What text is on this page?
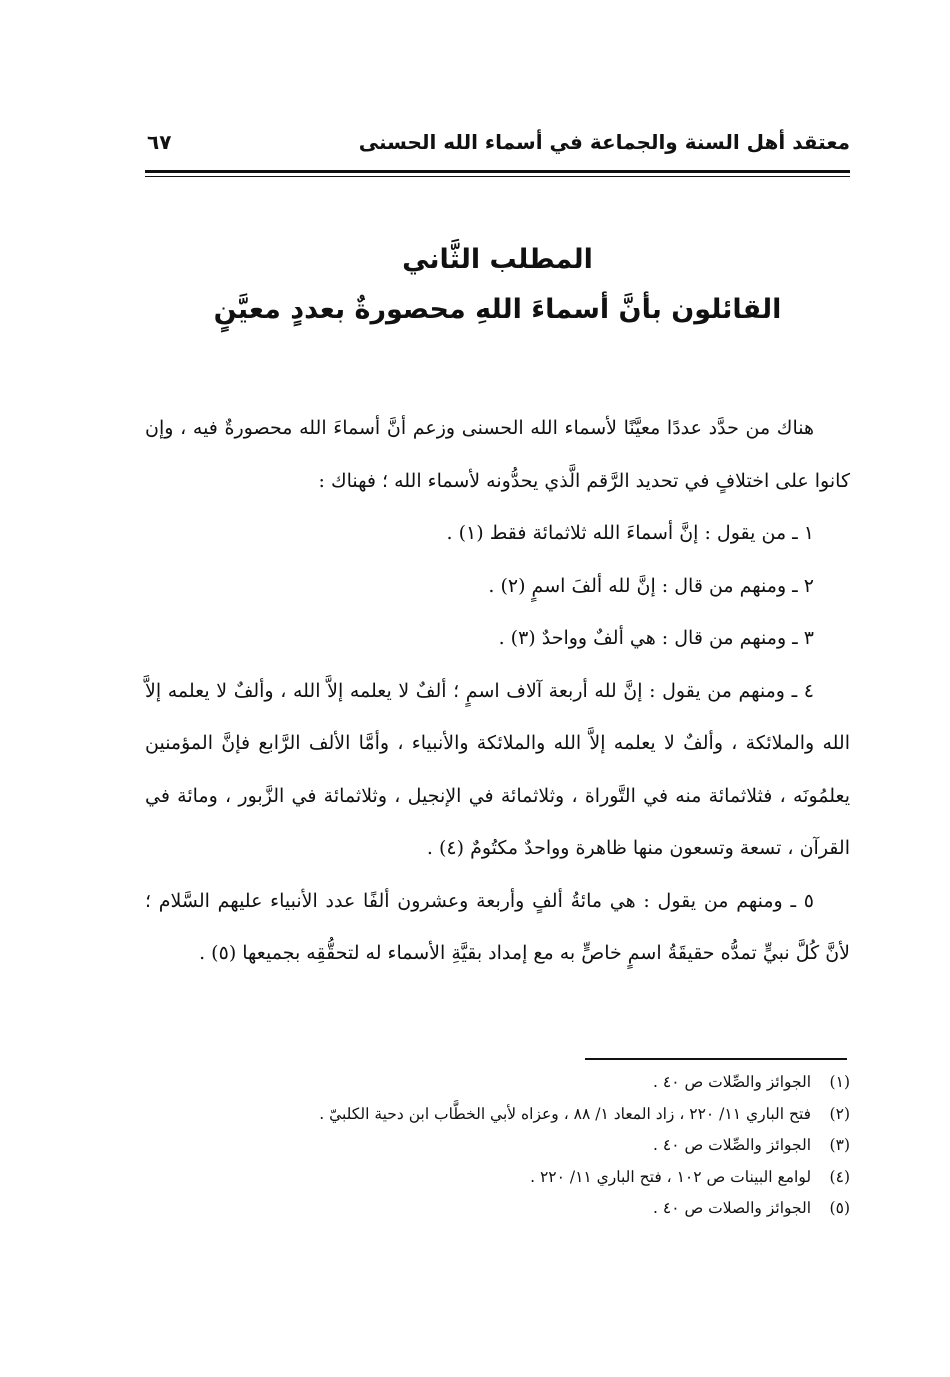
معتقد أهل السنة والجماعة في أسماء الله الحسنى
٦٧
المطلب الثَّاني
القائلون بأنَّ أسماءَ اللهِ محصورةٌ بعددٍ معيَّنٍ

هناك من حدَّد عددًا معيَّنًا لأسماء الله الحسنى وزعم أنَّ أسماءَ الله محصورةٌ فيه ، وإن كانوا على اختلافٍ في تحديد الرَّقم الَّذي يحدُّونه لأسماء الله ؛ فهناك :

١ ـ من يقول : إنَّ أسماءَ الله ثلاثمائة فقط (١) .

٢ ـ ومنهم من قال : إنَّ لله ألفَ اسمٍ (٢) .

٣ ـ ومنهم من قال : هي ألفٌ وواحدٌ (٣) .

٤ ـ ومنهم من يقول : إنَّ لله أربعة آلاف اسمٍ ؛ ألفٌ لا يعلمه إلاَّ الله ، وألفٌ لا يعلمه إلاَّ الله والملائكة ، وألفٌ لا يعلمه إلاَّ الله والملائكة والأنبياء ، وأمَّا الألف الرَّابع فإنَّ المؤمنين يعلمُونَه ، فثلاثمائة منه في التَّوراة ، وثلاثمائة في الإنجيل ، وثلاثمائة في الزَّبور ، ومائة في القرآن ، تسعة وتسعون منها ظاهرة وواحدٌ مكتُومٌ (٤) .

٥ ـ ومنهم من يقول : هي مائةُ ألفٍ وأربعة وعشرون ألفًا عدد الأنبياء عليهم السَّلام ؛ لأنَّ كُلَّ نبيٍّ تمدُّه حقيقَةُ اسمٍ خاصٍّ به مع إمداد بقيَّةِ الأسماء له لتحقُّقِه بجميعها (٥) .

(١) الجوائز والصِّلات ص ٤٠ .
(٢) فتح الباري ١١/ ٢٢٠ ، زاد المعاد ١/ ٨٨ ، وعزاه لأبي الخطَّاب ابن دحية الكلبيّ .
(٣) الجوائز والصِّلات ص ٤٠ .
(٤) لوامع البينات ص ١٠٢ ، فتح الباري ١١/ ٢٢٠ .
(٥) الجوائز والصلات ص ٤٠ .
